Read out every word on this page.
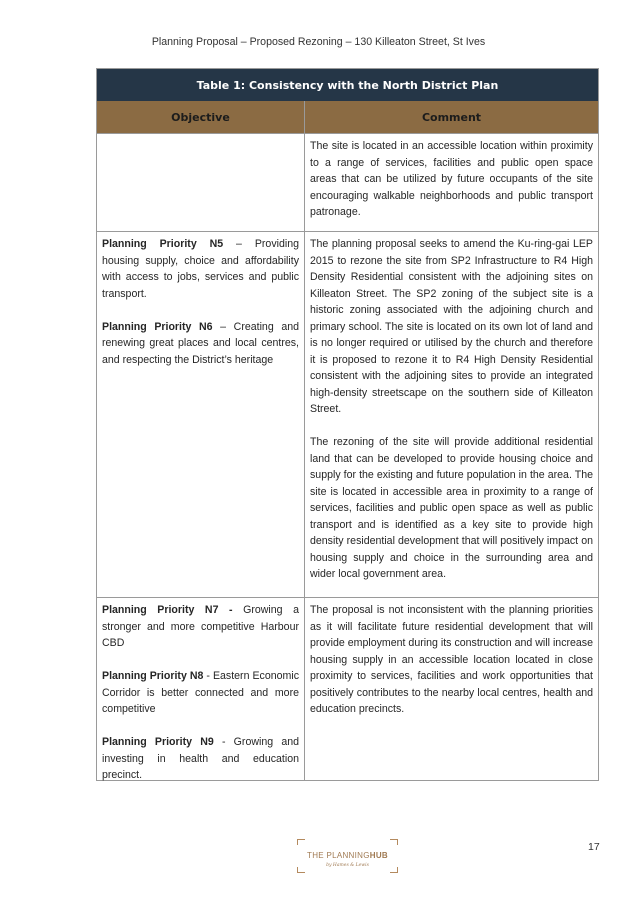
Planning Proposal – Proposed Rezoning – 130 Killeaton Street, St Ives
Table 1: Consistency with the North District Plan
Objective	Comment

The site is located in an accessible location within proximity to a range of services, facilities and public open space areas that can be utilized by future occupants of the site encouraging walkable neighborhoods and public transport patronage.

Planning Priority N5 – Providing housing supply, choice and affordability with access to jobs, services and public transport.

Planning Priority N6 – Creating and renewing great places and local centres, and respecting the District’s heritage

The planning proposal seeks to amend the Ku-ring-gai LEP 2015 to rezone the site from SP2 Infrastructure to R4 High Density Residential consistent with the adjoining sites on Killeaton Street. The SP2 zoning of the subject site is a historic zoning associated with the adjoining church and primary school. The site is located on its own lot of land and is no longer required or utilised by the church and therefore it is proposed to rezone it to R4 High Density Residential consistent with the adjoining sites to provide an integrated high-density streetscape on the southern side of Killeaton Street.

The rezoning of the site will provide additional residential land that can be developed to provide housing choice and supply for the existing and future population in the area. The site is located in accessible area in proximity to a range of services, facilities and public open space as well as public transport and is identified as a key site to provide high density residential development that will positively impact on housing supply and choice in the surrounding area and wider local government area.

Planning Priority N7 - Growing a stronger and more competitive Harbour CBD

Planning Priority N8 - Eastern Economic Corridor is better connected and more competitive

Planning Priority N9 - Growing and investing in health and education precinct.

The proposal is not inconsistent with the planning priorities as it will facilitate future residential development that will provide employment during its construction and will increase housing supply in an accessible location located in close proximity to services, facilities and work opportunities that positively contributes to the nearby local centres, health and education precincts.

THE PLANNINGHUB
by Hames & Lewis
17
